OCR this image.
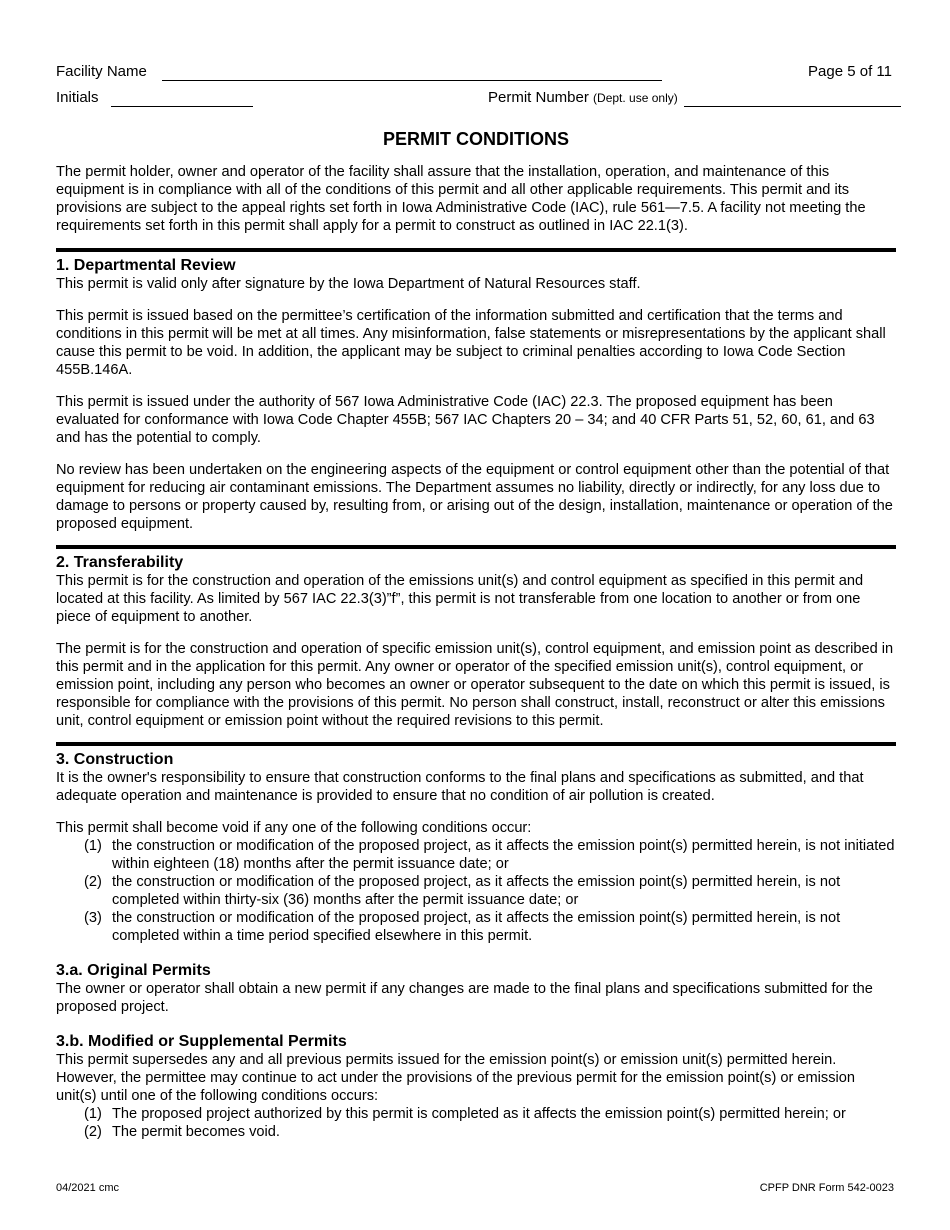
Facility Name	Page 5 of 11
Initials	Permit Number (Dept. use only)
PERMIT CONDITIONS

The permit holder, owner and operator of the facility shall assure that the installation, operation, and maintenance of this equipment is in compliance with all of the conditions of this permit and all other applicable requirements. This permit and its provisions are subject to the appeal rights set forth in Iowa Administrative Code (IAC), rule 561—7.5. A facility not meeting the requirements set forth in this permit shall apply for a permit to construct as outlined in IAC 22.1(3).

1. Departmental Review

This permit is valid only after signature by the Iowa Department of Natural Resources staff.

This permit is issued based on the permittee’s certification of the information submitted and certification that the terms and conditions in this permit will be met at all times. Any misinformation, false statements or misrepresentations by the applicant shall cause this permit to be void. In addition, the applicant may be subject to criminal penalties according to Iowa Code Section 455B.146A.

This permit is issued under the authority of 567 Iowa Administrative Code (IAC) 22.3. The proposed equipment has been evaluated for conformance with Iowa Code Chapter 455B; 567 IAC Chapters 20 – 34; and 40 CFR Parts 51, 52, 60, 61, and 63 and has the potential to comply.

No review has been undertaken on the engineering aspects of the equipment or control equipment other than the potential of that equipment for reducing air contaminant emissions. The Department assumes no liability, directly or indirectly, for any loss due to damage to persons or property caused by, resulting from, or arising out of the design, installation, maintenance or operation of the proposed equipment.

2. Transferability

This permit is for the construction and operation of the emissions unit(s) and control equipment as specified in this permit and located at this facility. As limited by 567 IAC 22.3(3)”f”, this permit is not transferable from one location to another or from one piece of equipment to another.

The permit is for the construction and operation of specific emission unit(s), control equipment, and emission point as described in this permit and in the application for this permit. Any owner or operator of the specified emission unit(s), control equipment, or emission point, including any person who becomes an owner or operator subsequent to the date on which this permit is issued, is responsible for compliance with the provisions of this permit. No person shall construct, install, reconstruct or alter this emissions unit, control equipment or emission point without the required revisions to this permit.

3. Construction

It is the owner's responsibility to ensure that construction conforms to the final plans and specifications as submitted, and that adequate operation and maintenance is provided to ensure that no condition of air pollution is created.

This permit shall become void if any one of the following conditions occur:

(1) the construction or modification of the proposed project, as it affects the emission point(s) permitted herein, is not initiated within eighteen (18) months after the permit issuance date; or
(2) the construction or modification of the proposed project, as it affects the emission point(s) permitted herein, is not completed within thirty-six (36) months after the permit issuance date; or
(3) the construction or modification of the proposed project, as it affects the emission point(s) permitted herein, is not completed within a time period specified elsewhere in this permit.
3.a. Original Permits

The owner or operator shall obtain a new permit if any changes are made to the final plans and specifications submitted for the proposed project.

3.b. Modified or Supplemental Permits

This permit supersedes any and all previous permits issued for the emission point(s) or emission unit(s) permitted herein. However, the permittee may continue to act under the provisions of the previous permit for the emission point(s) or emission unit(s) until one of the following conditions occurs:

(1) The proposed project authorized by this permit is completed as it affects the emission point(s) permitted herein; or
(2) The permit becomes void.
04/2021 cmc	CPFP DNR Form 542-0023
